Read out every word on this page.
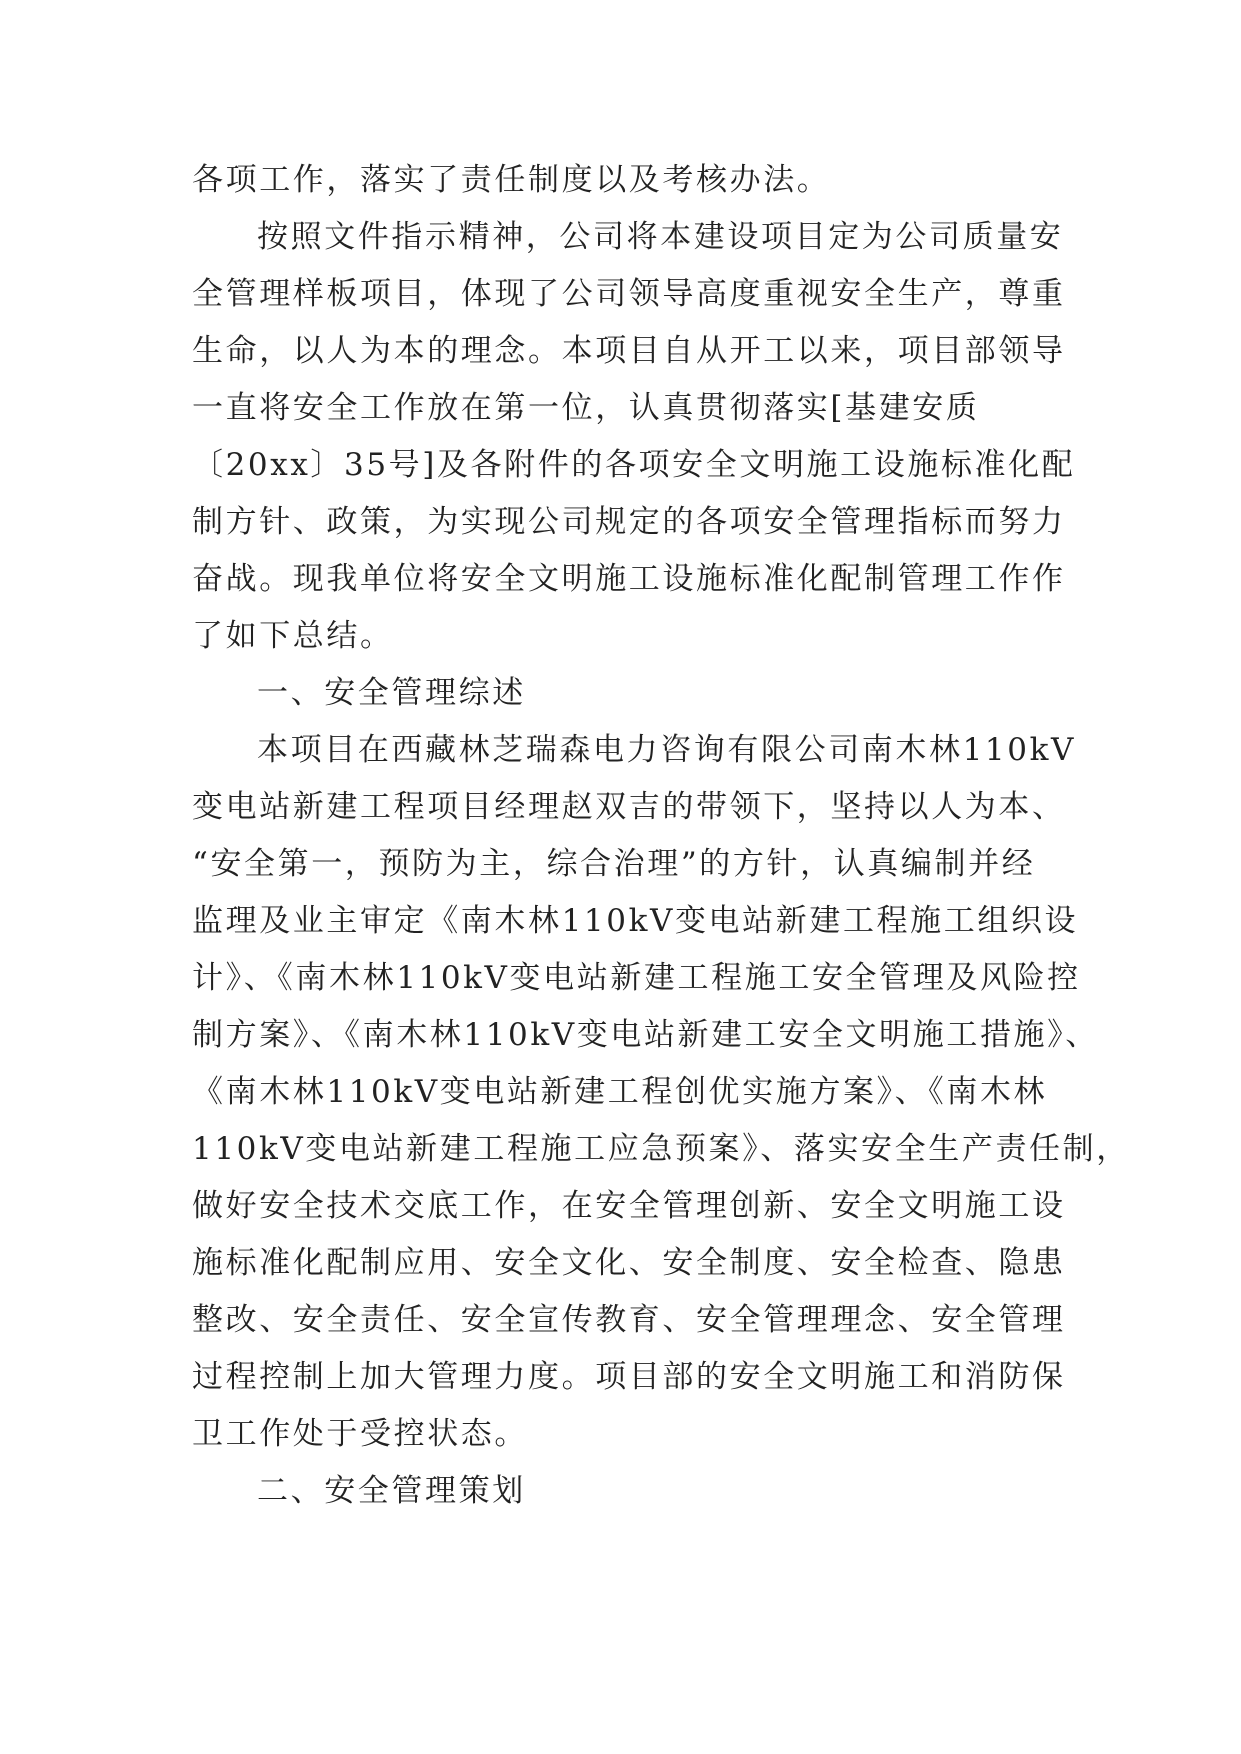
各项工作，落实了责任制度以及考核办法。
按照文件指示精神，公司将本建设项目定为公司质量安
全管理样板项目，体现了公司领导高度重视安全生产，尊重
生命，以人为本的理念。本项目自从开工以来，项目部领导
一直将安全工作放在第一位，认真贯彻落实[基建安质
〔20xx〕35号]及各附件的各项安全文明施工设施标准化配
制方针、政策，为实现公司规定的各项安全管理指标而努力
奋战。现我单位将安全文明施工设施标准化配制管理工作作
了如下总结。
一、安全管理综述
本项目在西藏林芝瑞森电力咨询有限公司南木林110kV
变电站新建工程项目经理赵双吉的带领下，坚持以人为本、
“安全第一，预防为主，综合治理”的方针，认真编制并经
监理及业主审定《南木林110kV变电站新建工程施工组织设
计》、《南木林110kV变电站新建工程施工安全管理及风险控
制方案》、《南木林110kV变电站新建工安全文明施工措施》、
《南木林110kV变电站新建工程创优实施方案》、《南木林
110kV变电站新建工程施工应急预案》、落实安全生产责任制，
做好安全技术交底工作，在安全管理创新、安全文明施工设
施标准化配制应用、安全文化、安全制度、安全检查、隐患
整改、安全责任、安全宣传教育、安全管理理念、安全管理
过程控制上加大管理力度。项目部的安全文明施工和消防保
卫工作处于受控状态。
二、安全管理策划
